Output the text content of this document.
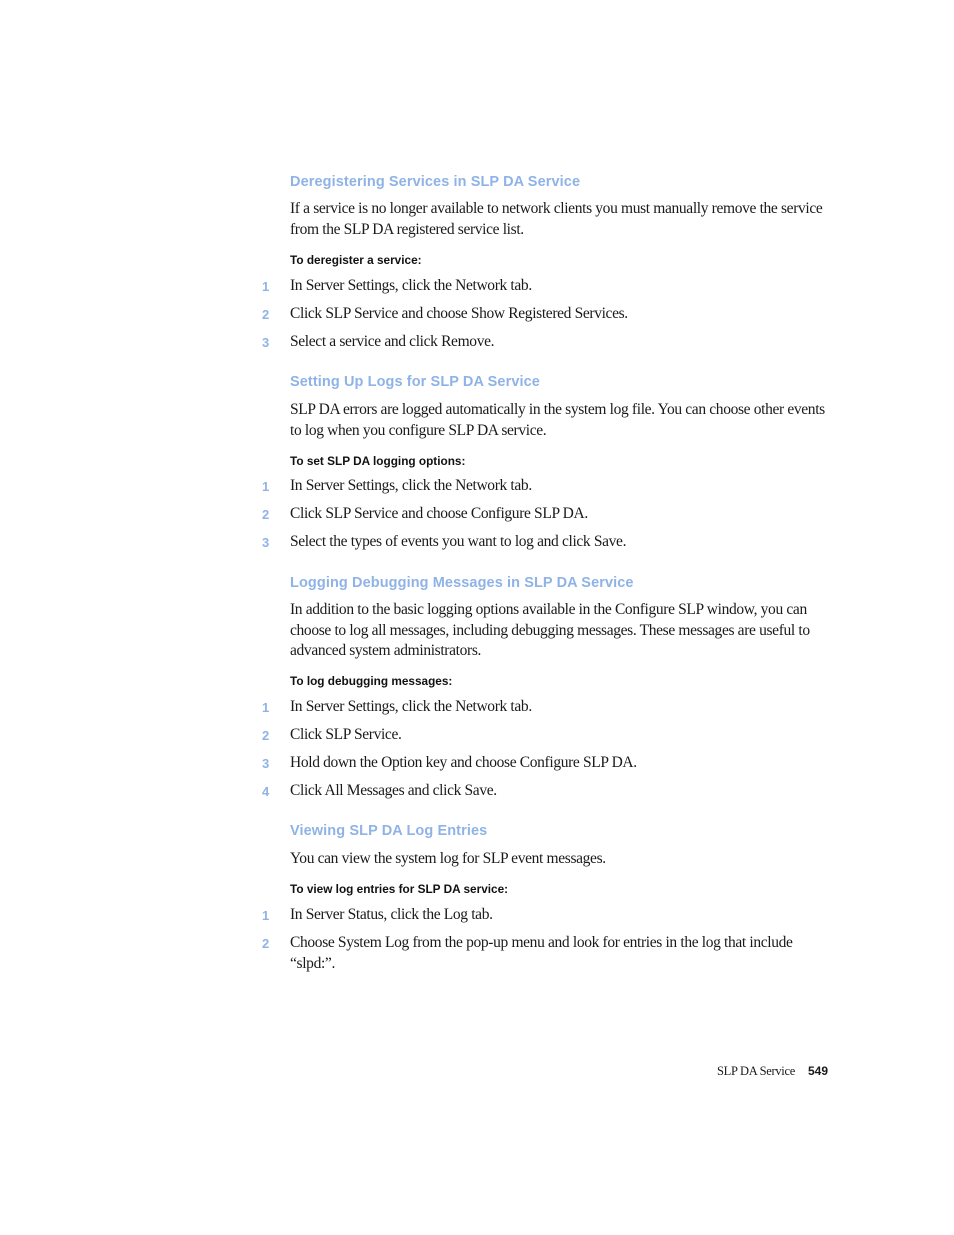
Deregistering Services in SLP DA Service
If a service is no longer available to network clients you must manually remove the service from the SLP DA registered service list.
To deregister a service:
1	In Server Settings, click the Network tab.
2	Click SLP Service and choose Show Registered Services.
3	Select a service and click Remove.
Setting Up Logs for SLP DA Service
SLP DA errors are logged automatically in the system log file. You can choose other events to log when you configure SLP DA service.
To set SLP DA logging options:
1	In Server Settings, click the Network tab.
2	Click SLP Service and choose Configure SLP DA.
3	Select the types of events you want to log and click Save.
Logging Debugging Messages in SLP DA Service
In addition to the basic logging options available in the Configure SLP window, you can choose to log all messages, including debugging messages. These messages are useful to advanced system administrators.
To log debugging messages:
1	In Server Settings, click the Network tab.
2	Click SLP Service.
3	Hold down the Option key and choose Configure SLP DA.
4	Click All Messages and click Save.
Viewing SLP DA Log Entries
You can view the system log for SLP event messages.
To view log entries for SLP DA service:
1	In Server Status, click the Log tab.
2	Choose System Log from the pop-up menu and look for entries in the log that include “slpd:”.
SLP DA Service 549
